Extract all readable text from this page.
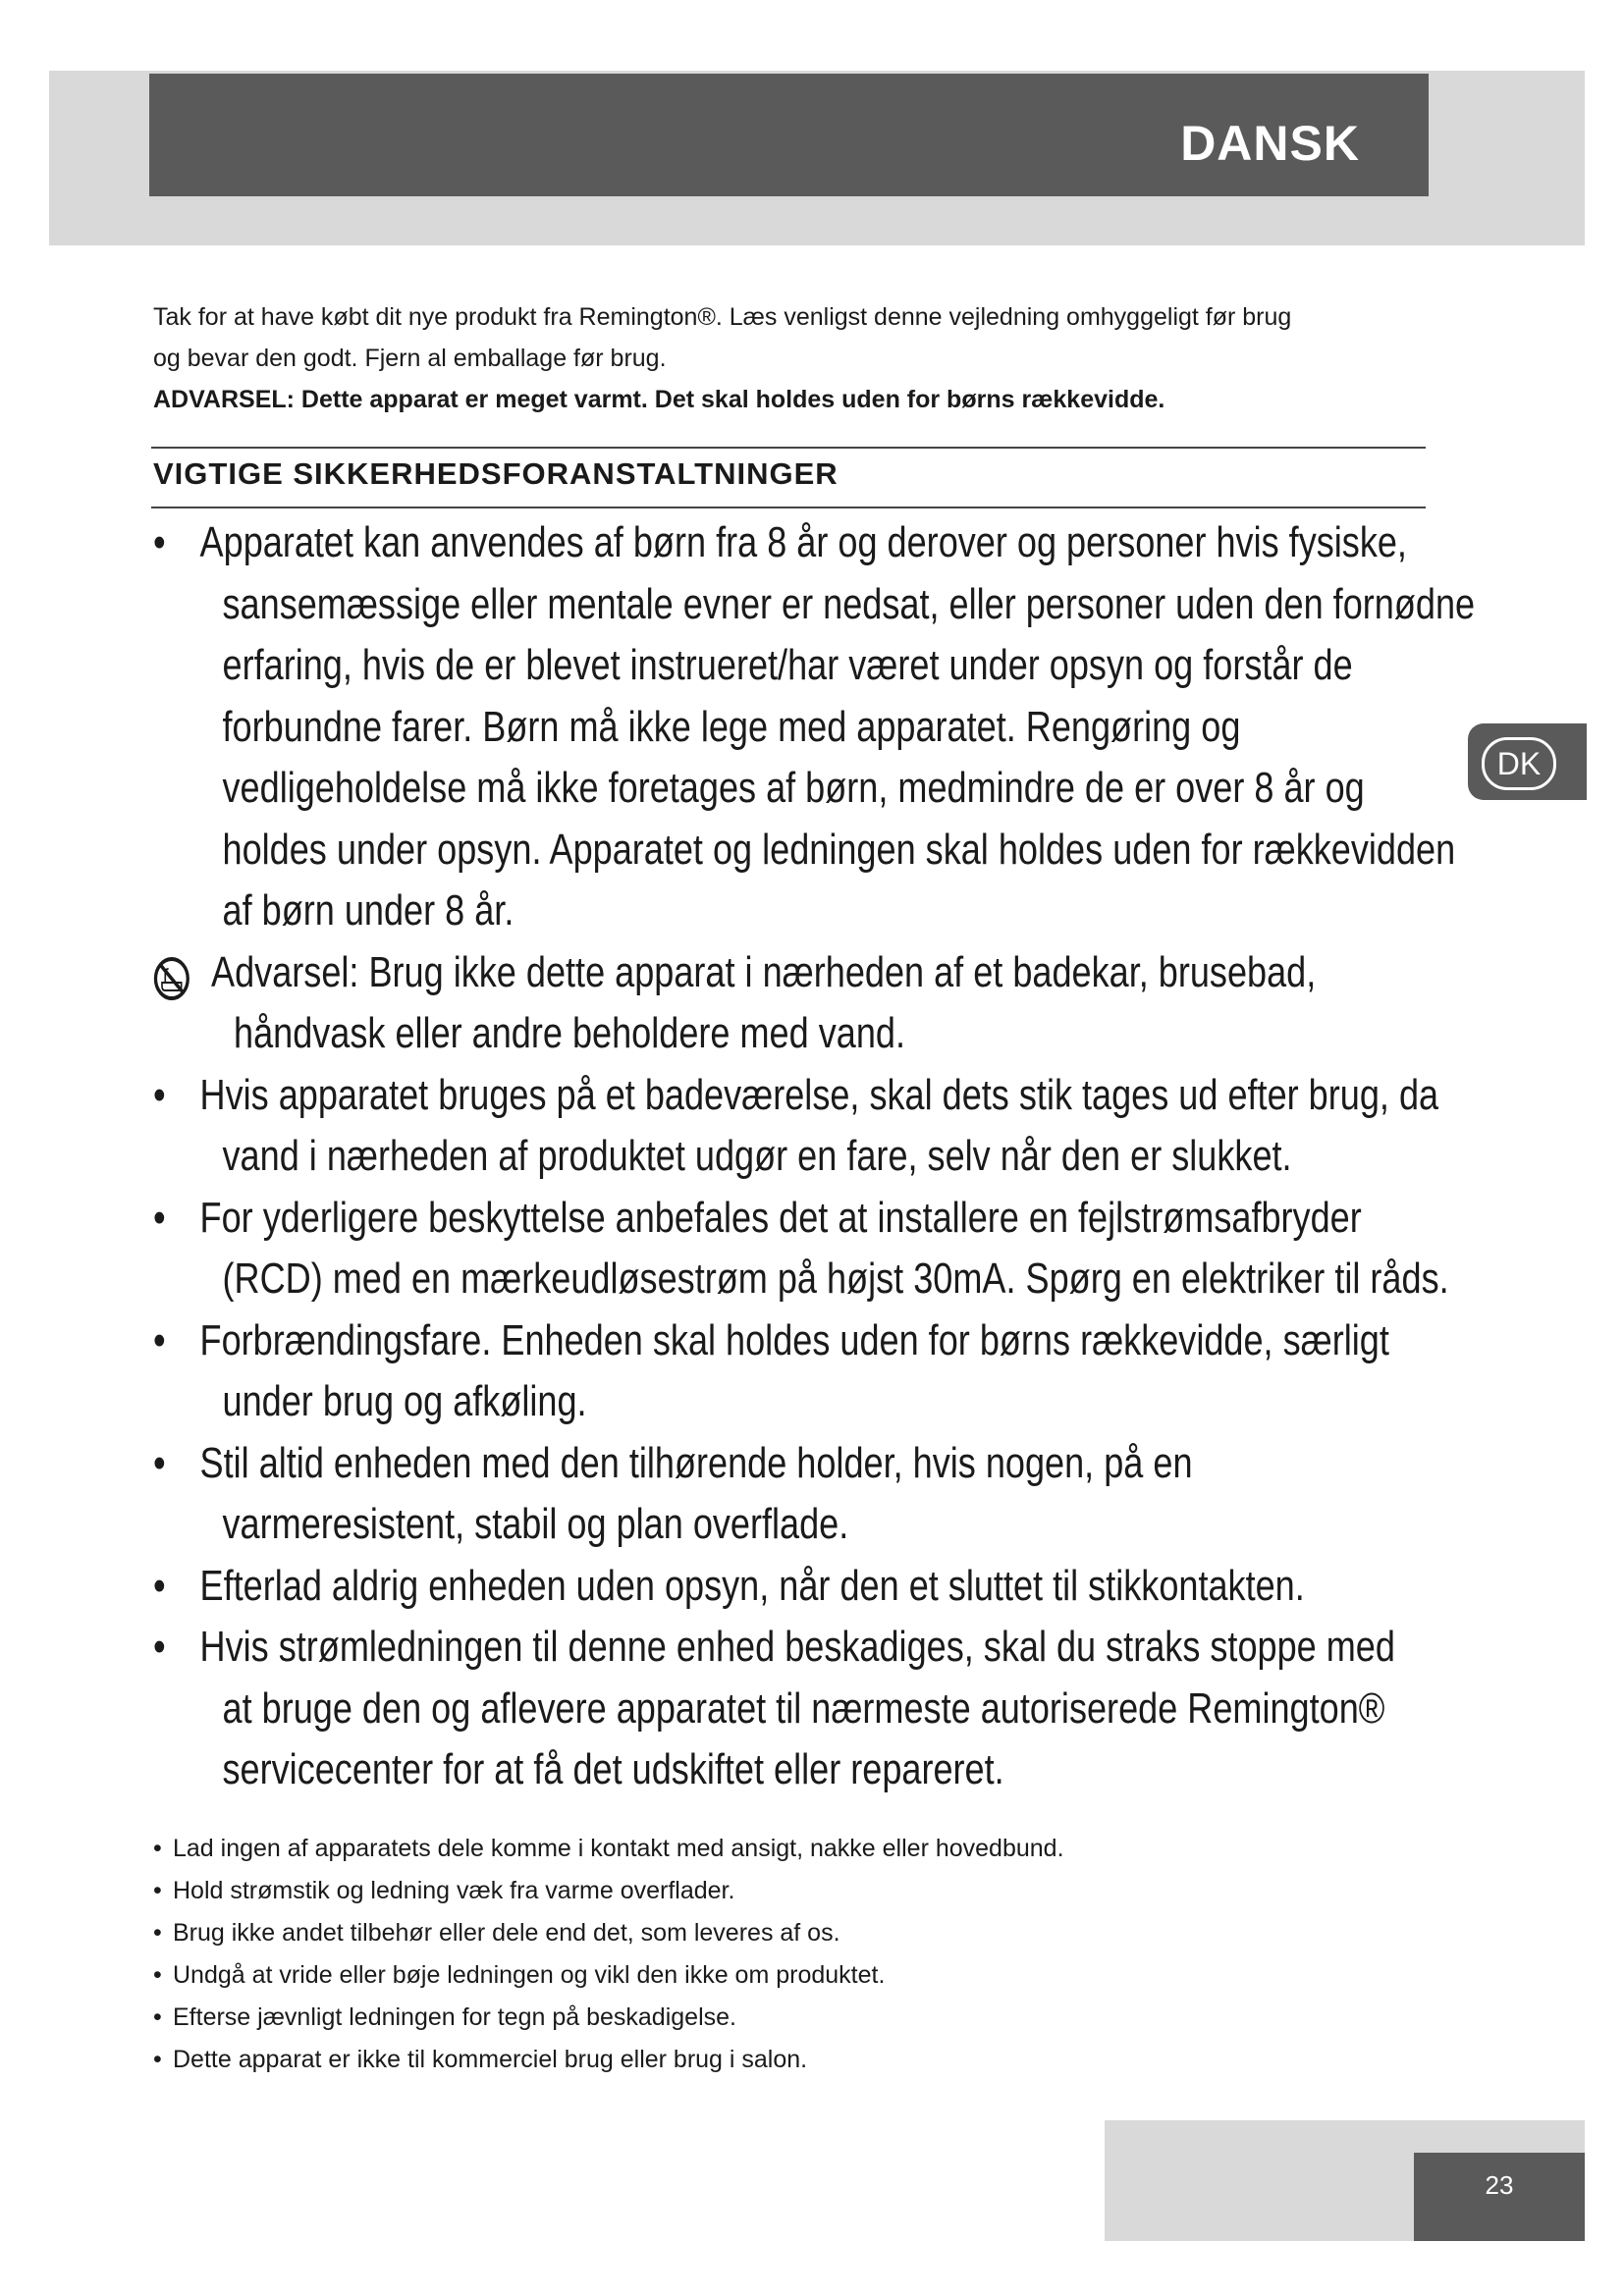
DANSK

Tak for at have købt dit nye produkt fra Remington®. Læs venligst denne vejledning omhyggeligt før brug

og bevar den godt. Fjern al emballage før brug.

ADVARSEL: Dette apparat er meget varmt. Det skal holdes uden for børns rækkevidde.

VIGTIGE SIKKERHEDSFORANSTALTNINGER
• Apparatet kan anvendes af børn fra 8 år og derover og personer hvis fysiske,
sansemæssige eller mentale evner er nedsat, eller personer uden den fornødne
erfaring, hvis de er blevet instrueret/har været under opsyn og forstår de
forbundne farer. Børn må ikke lege med apparatet. Rengøring og
vedligeholdelse må ikke foretages af børn, medmindre de er over 8 år og
holdes under opsyn. Apparatet og ledningen skal holdes uden for rækkevidden
af børn under 8 år.
Advarsel: Brug ikke dette apparat i nærheden af et badekar, brusebad,
håndvask eller andre beholdere med vand.
• Hvis apparatet bruges på et badeværelse, skal dets stik tages ud efter brug, da
vand i nærheden af produktet udgør en fare, selv når den er slukket.
• For yderligere beskyttelse anbefales det at installere en fejlstrømsafbryder
(RCD) med en mærkeudløsestrøm på højst 30mA. Spørg en elektriker til råds.
• Forbrændingsfare. Enheden skal holdes uden for børns rækkevidde, særligt
under brug og afkøling.
• Stil altid enheden med den tilhørende holder, hvis nogen, på en
varmeresistent, stabil og plan overflade.
• Efterlad aldrig enheden uden opsyn, når den et sluttet til stikkontakten.
• Hvis strømledningen til denne enhed beskadiges, skal du straks stoppe med
at bruge den og aflevere apparatet til nærmeste autoriserede Remington®
servicecenter for at få det udskiftet eller repareret.
• Lad ingen af apparatets dele komme i kontakt med ansigt, nakke eller hovedbund.
• Hold strømstik og ledning væk fra varme overflader.
• Brug ikke andet tilbehør eller dele end det, som leveres af os.
• Undgå at vride eller bøje ledningen og vikl den ikke om produktet.
• Efterse jævnligt ledningen for tegn på beskadigelse.
• Dette apparat er ikke til kommerciel brug eller brug i salon.
DK
23
